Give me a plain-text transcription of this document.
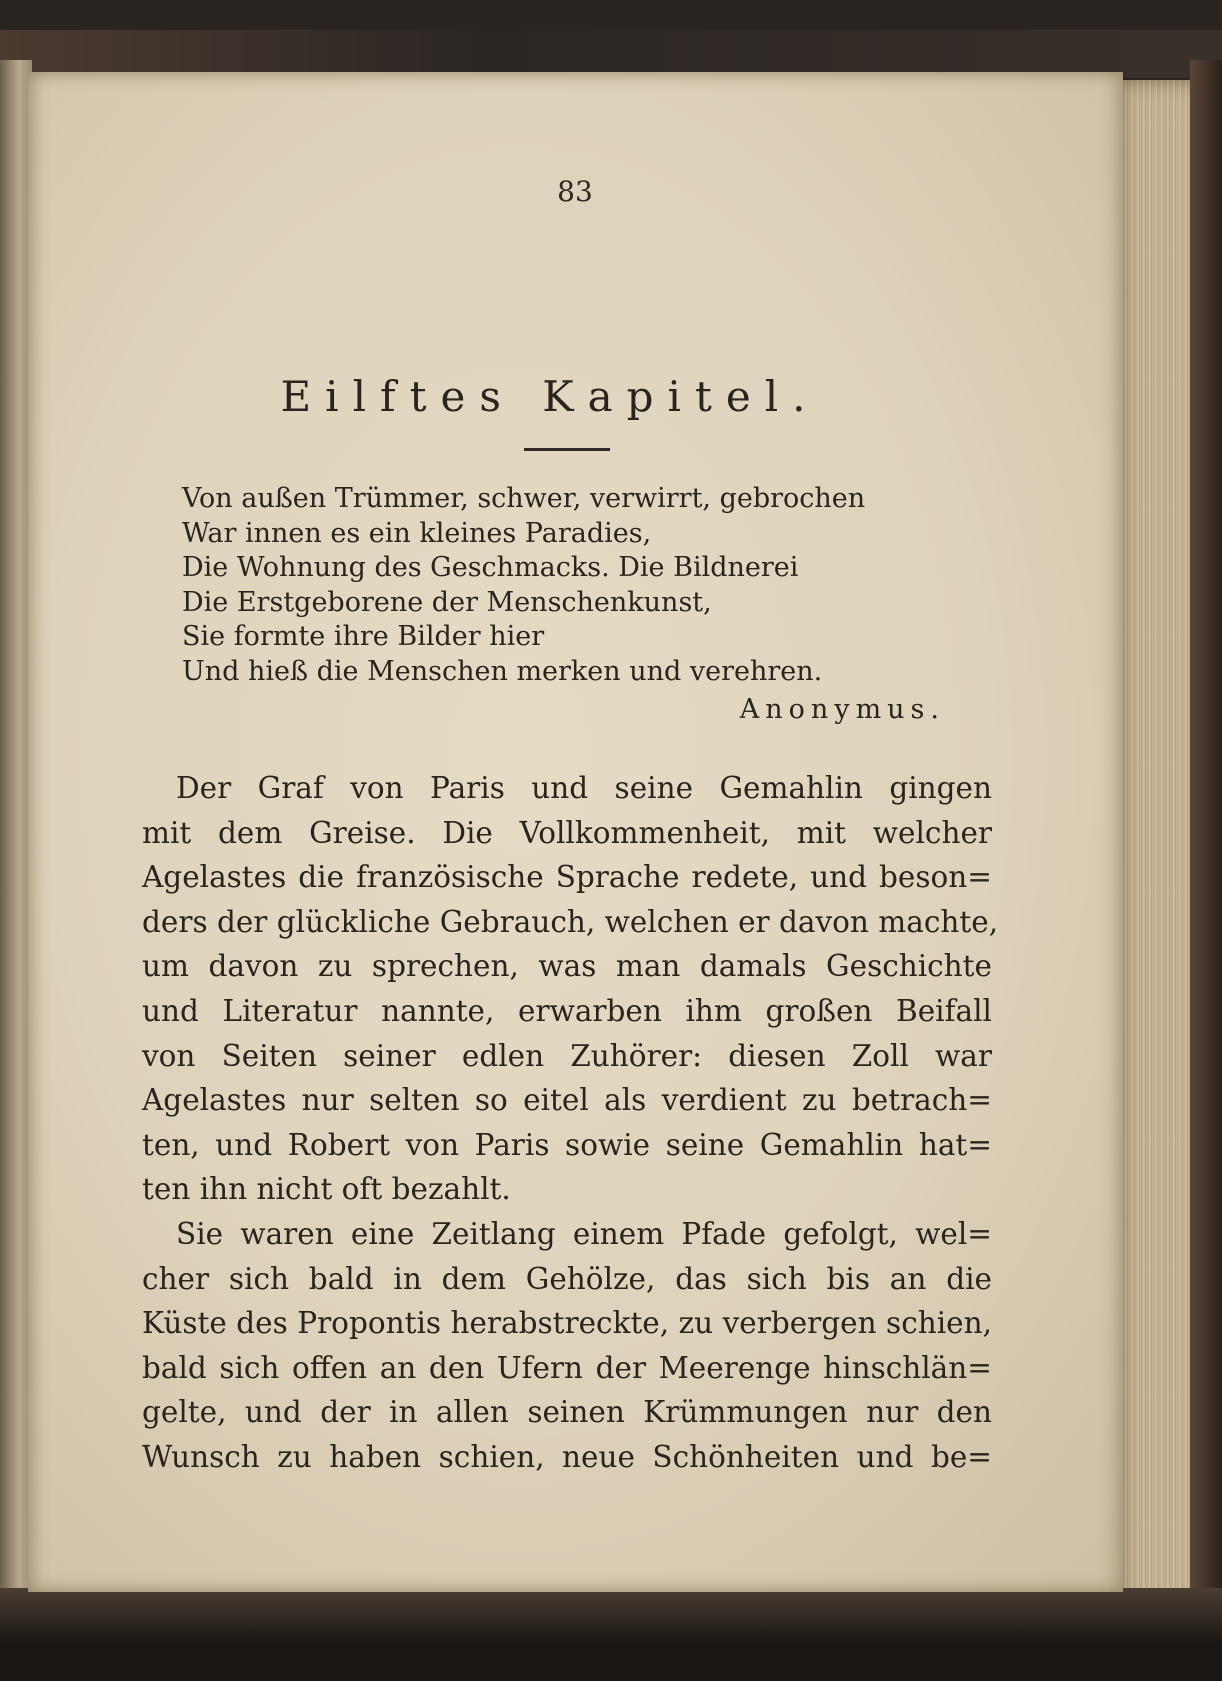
83
Eilftes Kapitel.
Von außen Trümmer, schwer, verwirrt, gebrochen
War innen es ein kleines Paradies,
Die Wohnung des Geschmacks. Die Bildnerei
Die Erstgeborene der Menschenkunst,
Sie formte ihre Bilder hier
Und hieß die Menschen merken und verehren.
Anonymus.
Der Graf von Paris und seine Gemahlin gingen
mit dem Greise. Die Vollkommenheit, mit welcher
Agelastes die französische Sprache redete, und beson=
ders der glückliche Gebrauch, welchen er davon machte,
um davon zu sprechen, was man damals Geschichte
und Literatur nannte, erwarben ihm großen Beifall
von Seiten seiner edlen Zuhörer: diesen Zoll war
Agelastes nur selten so eitel als verdient zu betrach=
ten, und Robert von Paris sowie seine Gemahlin hat=
ten ihn nicht oft bezahlt.
Sie waren eine Zeitlang einem Pfade gefolgt, wel=
cher sich bald in dem Gehölze, das sich bis an die
Küste des Propontis herabstreckte, zu verbergen schien,
bald sich offen an den Ufern der Meerenge hinschlän=
gelte, und der in allen seinen Krümmungen nur den
Wunsch zu haben schien, neue Schönheiten und be=
